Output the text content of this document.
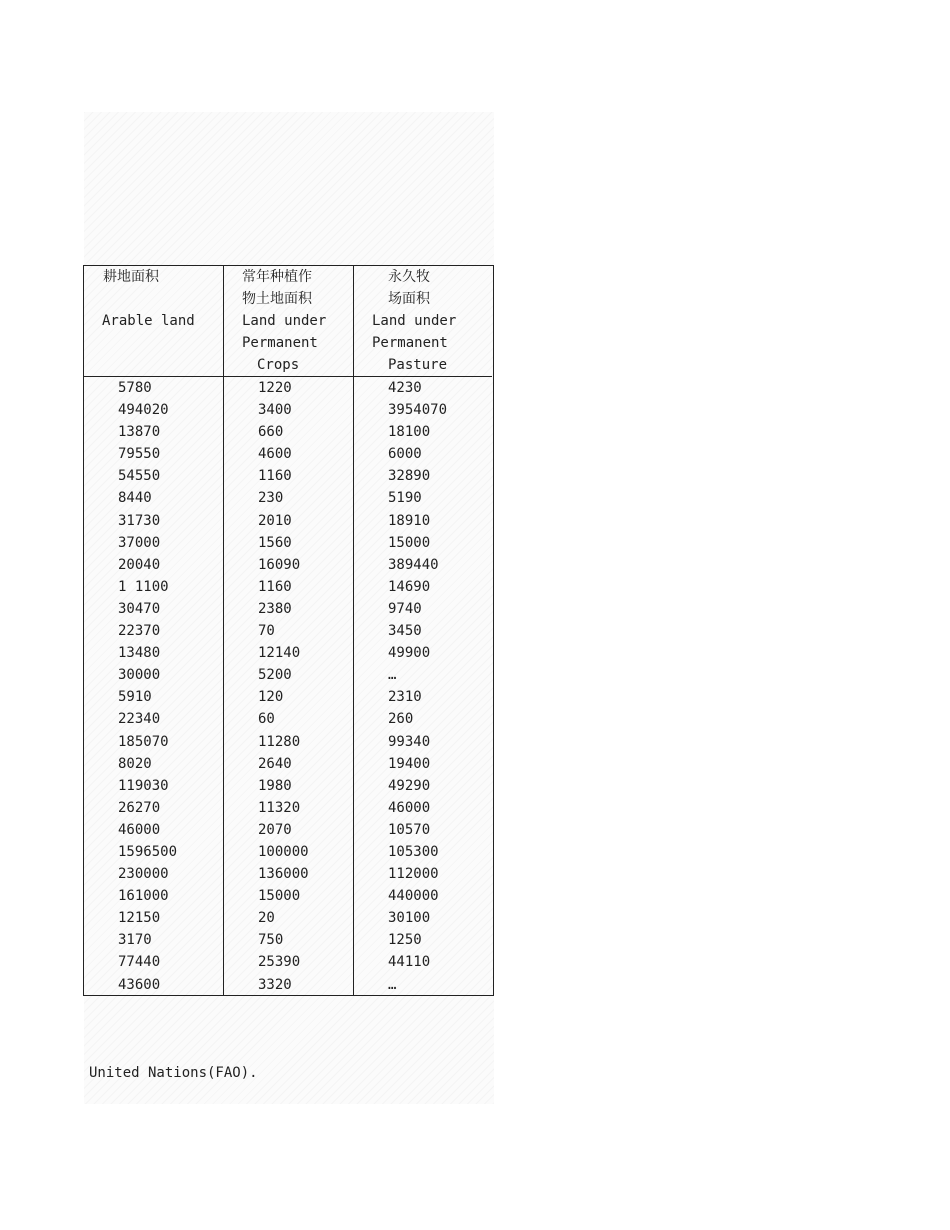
耕地面积
Arable land
5780
494020
13870
79550
54550
8440
31730
37000
20040
1 1100
30470
22370
13480
30000
5910
22340
185070
8020
119030
26270
46000
1596500
230000
161000
12150
3170
77440
43600
常年种植作
物土地面积
Land under
Permanent
Crops
1220
3400
660
4600
1160
230
2010
1560
16090
1160
2380
70
12140
5200
120
60
11280
2640
1980
11320
2070
100000
136000
15000
20
750
25390
3320
永久牧
场面积
Land under
Permanent
Pasture
4230
3954070
18100
6000
32890
5190
18910
15000
389440
14690
9740
3450
49900
…
2310
260
99340
19400
49290
46000
10570
105300
112000
440000
30100
1250
44110
…
United Nations(FAO).
